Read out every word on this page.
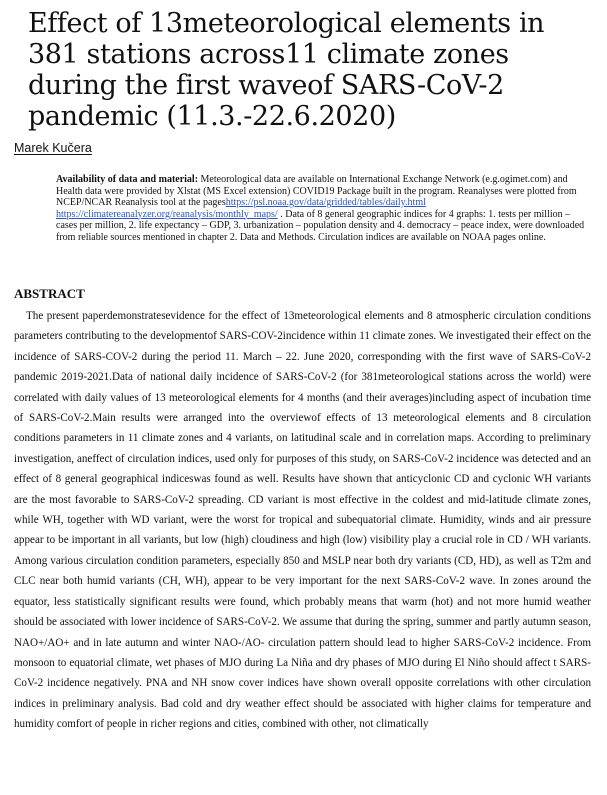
Effect of 13meteorological elements in 381 stations across11 climate zones during the first waveof SARS-CoV-2 pandemic (11.3.-22.6.2020)
Marek Kučera

Availability of data and material: Meteorological data are available on International Exchange Network (e.g.ogimet.com) and Health data were provided by Xlstat (MS Excel extension) COVID19 Package built in the program. Reanalyses were plotted from NCEP/NCAR Reanalysis tool at the pageshttps://psl.noaa.gov/data/gridded/tables/daily.html https://climatereanalyzer.org/reanalysis/monthly_maps/ . Data of 8 general geographic indices for 4 graphs: 1. tests per million – cases per million, 2. life expectancy – GDP, 3. urbanization – population density and 4. democracy – peace index, were downloaded from reliable sources mentioned in chapter 2. Data and Methods. Circulation indices are available on NOAA pages online.

ABSTRACT

The present paperdemonstratesevidence for the effect of 13meteorological elements and 8 atmospheric circulation conditions parameters contributing to the developmentof SARS-COV-2incidence within 11 climate zones. We investigated their effect on the incidence of SARS-COV-2 during the period 11. March – 22. June 2020, corresponding with the first wave of SARS-CoV-2 pandemic 2019-2021.Data of national daily incidence of SARS-CoV-2 (for 381meteorological stations across the world) were correlated with daily values of 13 meteorological elements for 4 months (and their averages)including aspect of incubation time of SARS-CoV-2.Main results were arranged into the overviewof effects of 13 meteorological elements and 8 circulation conditions parameters in 11 climate zones and 4 variants, on latitudinal scale and in correlation maps. According to preliminary investigation, aneffect of circulation indices, used only for purposes of this study, on SARS-CoV-2 incidence was detected and an effect of 8 general geographical indiceswas found as well. Results have shown that anticyclonic CD and cyclonic WH variants are the most favorable to SARS-CoV-2 spreading. CD variant is most effective in the coldest and mid-latitude climate zones, while WH, together with WD variant, were the worst for tropical and subequatorial climate. Humidity, winds and air pressure appear to be important in all variants, but low (high) cloudiness and high (low) visibility play a crucial role in CD / WH variants. Among various circulation condition parameters, especially 850 and MSLP near both dry variants (CD, HD), as well as T2m and CLC near both humid variants (CH, WH), appear to be very important for the next SARS-CoV-2 wave. In zones around the equator, less statistically significant results were found, which probably means that warm (hot) and not more humid weather should be associated with lower incidence of SARS-CoV-2. We assume that during the spring, summer and partly autumn season, NAO+/AO+ and in late autumn and winter NAO-/AO- circulation pattern should lead to higher SARS-CoV-2 incidence. From monsoon to equatorial climate, wet phases of MJO during La Niña and dry phases of MJO during El Niño should affect t SARS-CoV-2 incidence negatively. PNA and NH snow cover indices have shown overall opposite correlations with other circulation indices in preliminary analysis. Bad cold and dry weather effect should be associated with higher claims for temperature and humidity comfort of people in richer regions and cities, combined with other, not climatically
